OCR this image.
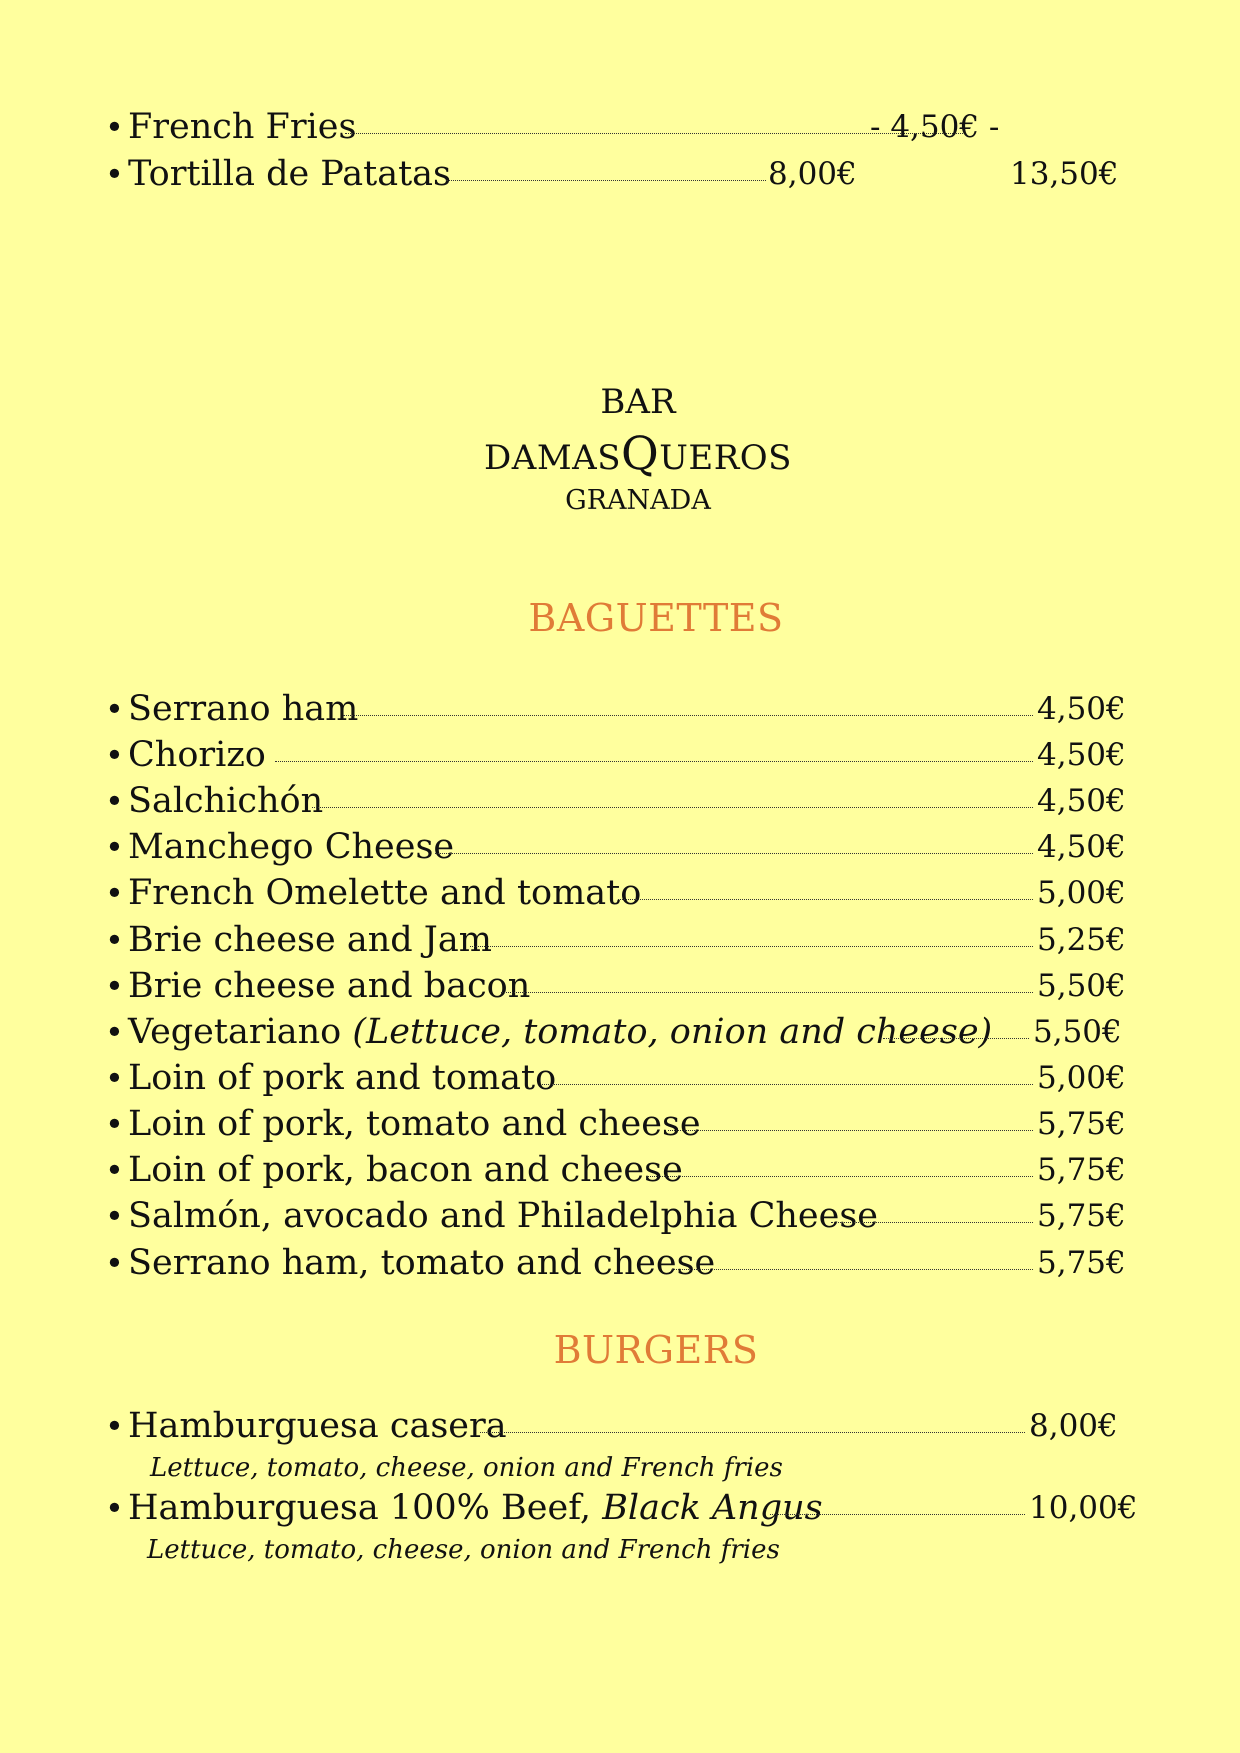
• French Fries	- 4,50€ -
• Tortilla de Patatas	8,00€	13,50€
BAR
DAMASQUEROS
GRANADA
BAGUETTES
• Serrano ham	4,50€
• Chorizo	4,50€
• Salchichón	4,50€
• Manchego Cheese	4,50€
• French Omelette and tomato	5,00€
• Brie cheese and Jam	5,25€
• Brie cheese and bacon	5,50€
• Vegetariano (Lettuce, tomato, onion and cheese) 5,50€
• Loin of pork and tomato	5,00€
• Loin of pork, tomato and cheese	5,75€
• Loin of pork, bacon and cheese	5,75€
• Salmón, avocado and Philadelphia Cheese	5,75€
• Serrano ham, tomato and cheese	5,75€
BURGERS
• Hamburguesa casera	8,00€
Lettuce, tomato, cheese, onion and French fries
• Hamburguesa 100% Beef, Black Angus	10,00€
Lettuce, tomato, cheese, onion and French fries
